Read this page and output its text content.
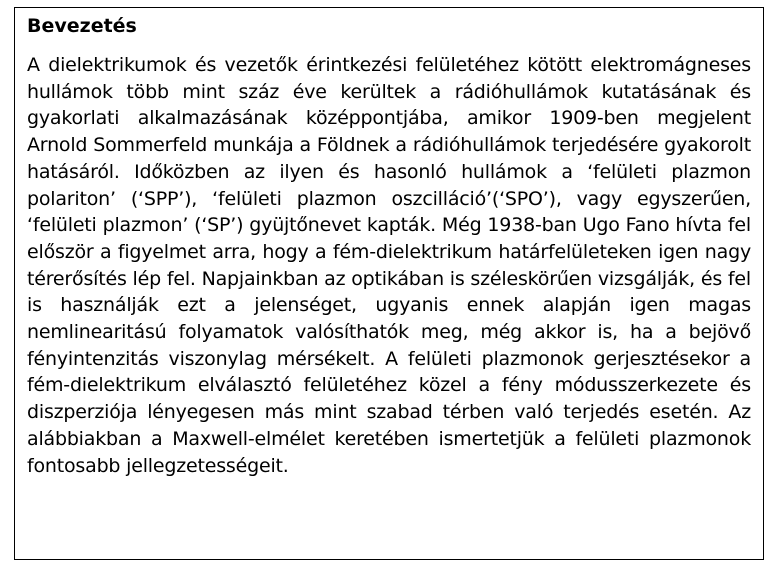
Bevezetés

A dielektrikumok és vezetők érintkezési felületéhez kötött elektromágneses hullámok több mint száz éve kerültek a rádióhullámok kutatásának és gyakorlati alkalmazásának középpontjába, amikor 1909-ben megjelent Arnold Sommerfeld munkája a Földnek a rádióhullámok terjedésére gyakorolt hatásáról. Időközben az ilyen és hasonló hullámok a ‘felületi plazmon polariton’ (‘SPP’), ‘felületi plazmon oszcilláció’(‘SPO’), vagy egyszerűen, ‘felületi plazmon’ (‘SP’) gyüjtőnevet kapták. Még 1938-ban Ugo Fano hívta fel először a figyelmet arra, hogy a fém-dielektrikum határfelületeken igen nagy térerősítés lép fel. Napjainkban az optikában is széleskörűen vizsgálják, és fel is használják ezt a jelenséget, ugyanis ennek alapján igen magas nemlinearitású folyamatok valósíthatók meg, még akkor is, ha a bejövő fényintenzitás viszonylag mérsékelt. A felületi plazmonok gerjesztésekor a fém-dielektrikum elválasztó felületéhez közel a fény módusszerkezete és diszperziója lényegesen más mint szabad térben való terjedés esetén. Az alábbiakban a Maxwell-elmélet keretében ismertetjük a felületi plazmonok fontosabb jellegzetességeit.
